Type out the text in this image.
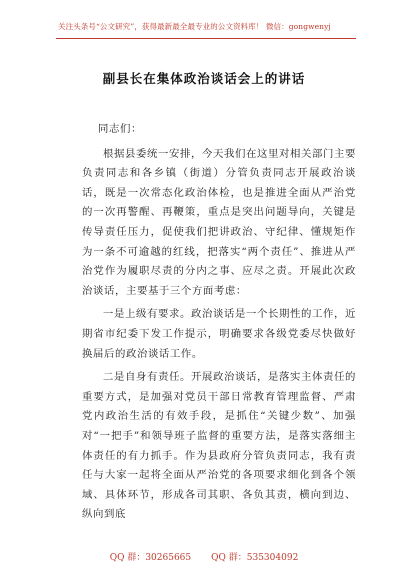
关注头条号“公文研究”，获得最新最全最专业的公文资料库！ 微信：gongwenyj
副县长在集体政治谈话会上的讲话
同志们：

根据县委统一安排，今天我们在这里对相关部门主要负责同志和各乡镇（街道）分管负责同志开展政治谈话，既是一次常态化政治体检，也是推进全面从严治党的一次再警醒、再鞭策，重点是突出问题导向，关键是传导责任压力，促使我们把讲政治、守纪律、懂规矩作为一条不可逾越的红线，把落实“两个责任”、推进从严治党作为履职尽责的分内之事、应尽之责。开展此次政治谈话，主要基于三个方面考虑：

一是上级有要求。政治谈话是一个长期性的工作，近期省市纪委下发工作提示，明确要求各级党委尽快做好换届后的政治谈话工作。

二是自身有责任。开展政治谈话，是落实主体责任的重要方式，是加强对党员干部日常教育管理监督、严肃党内政治生活的有效手段，是抓住“关键少数”、加强对“一把手”和领导班子监督的重要方法，是落实落细主体责任的有力抓手。作为县政府分管负责同志，我有责任与大家一起将全面从严治党的各项要求细化到各个领域、具体环节，形成各司其职、各负其责，横向到边、纵向到底

QQ 群：30265665 QQ 群：535304092
